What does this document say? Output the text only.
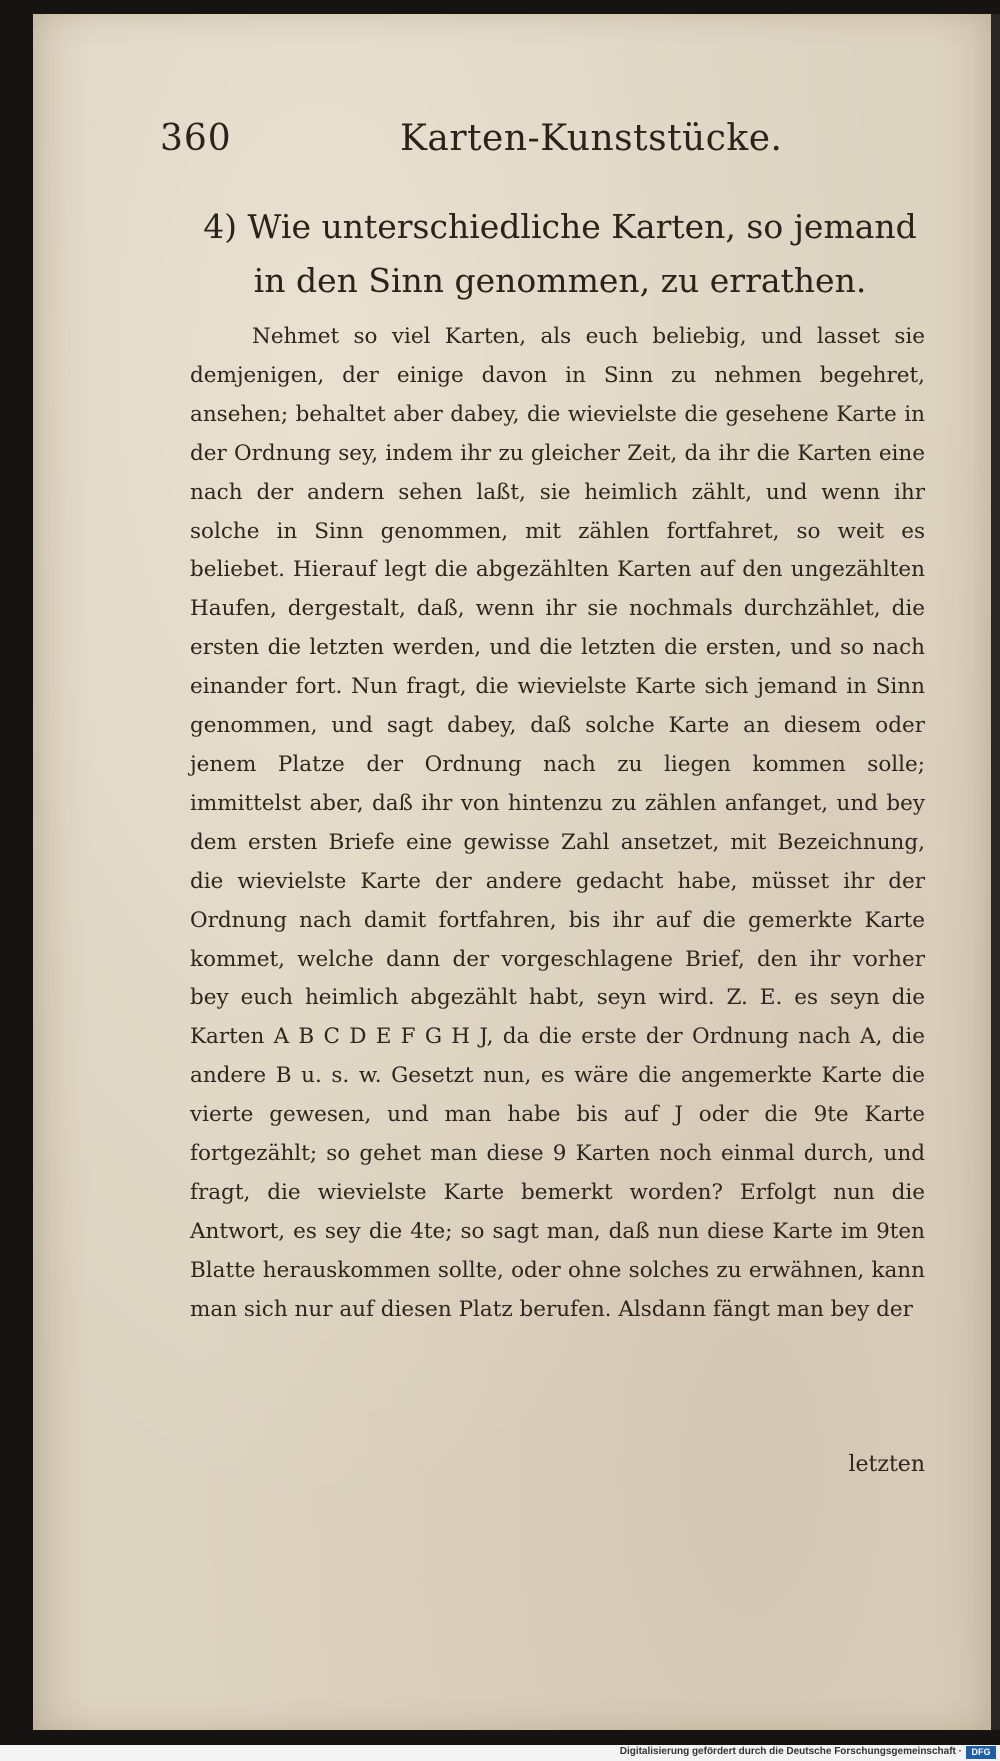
360	Karten-Kunststücke.
4) Wie unterschiedliche Karten, so jemand in den Sinn genommen, zu errathen.

Nehmet so viel Karten, als euch beliebig, und lasset sie demjenigen, der einige davon in Sinn zu nehmen begehret, ansehen; behaltet aber dabey, die wievielste die gesehene Karte in der Ordnung sey, indem ihr zu gleicher Zeit, da ihr die Karten eine nach der andern sehen laßt, sie heimlich zählt, und wenn ihr solche in Sinn genommen, mit zählen fortfahret, so weit es beliebet. Hierauf legt die abgezählten Karten auf den ungezählten Haufen, dergestalt, daß, wenn ihr sie nochmals durchzählet, die ersten die letzten werden, und die letzten die ersten, und so nach einander fort. Nun fragt, die wievielste Karte sich jemand in Sinn genommen, und sagt dabey, daß solche Karte an diesem oder jenem Platze der Ordnung nach zu liegen kommen solle; immittelst aber, daß ihr von hintenzu zu zählen anfanget, und bey dem ersten Briefe eine gewisse Zahl ansetzet, mit Bezeichnung, die wievielste Karte der andere gedacht habe, müsset ihr der Ordnung nach damit fortfahren, bis ihr auf die gemerkte Karte kommet, welche dann der vorgeschlagene Brief, den ihr vorher bey euch heimlich abgezählt habt, seyn wird. Z. E. es seyn die Karten A B C D E F G H J, da die erste der Ordnung nach A, die andere B u. s. w. Gesetzt nun, es wäre die angemerkte Karte die vierte gewesen, und man habe bis auf J oder die 9te Karte fortgezählt; so gehet man diese 9 Karten noch einmal durch, und fragt, die wievielste Karte bemerkt worden? Erfolgt nun die Antwort, es sey die 4te; so sagt man, daß nun diese Karte im 9ten Blatte herauskommen sollte, oder ohne solches zu erwähnen, kann man sich nur auf diesen Platz berufen. Alsdann fängt man bey der

letzten
Digitalisierung gefördert durch die Deutsche Forschungsgemeinschaft ·	DFG
